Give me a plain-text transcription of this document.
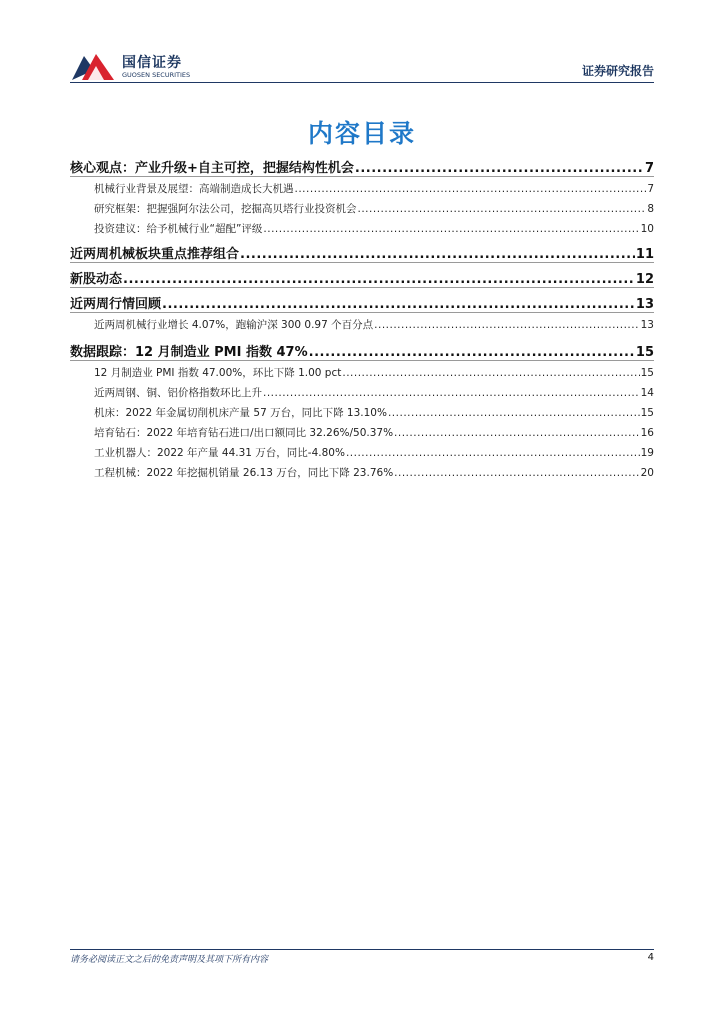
国信证券
GUOSEN SECURITIES	证券研究报告
内容目录
核心观点：产业升级+自主可控，把握结构性机会 .....	7
机械行业背景及展望：高端制造成长大机遇 .....	7
研究框架：把握强阿尔法公司，挖掘高贝塔行业投资机会 .....	8
投资建议：给予机械行业“超配”评级 .....	10
近两周机械板块重点推荐组合 .....	11
新股动态 .....	12
近两周行情回顾 .....	13
近两周机械行业增长 4.07%，跑输沪深 300 0.97 个百分点 .....	13
数据跟踪：12 月制造业 PMI 指数 47% .....	15
12 月制造业 PMI 指数 47.00%，环比下降 1.00 pct .....	15
近两周钢、铜、铝价格指数环比上升 .....	14
机床：2022 年金属切削机床产量 57 万台，同比下降 13.10% .....	15
培育钻石：2022 年培育钻石进口/出口额同比 32.26%/50.37% .....	16
工业机器人：2022 年产量 44.31 万台，同比-4.80% .....	19
工程机械：2022 年挖掘机销量 26.13 万台，同比下降 23.76% .....	20
请务必阅读正文之后的免责声明及其项下所有内容	4
